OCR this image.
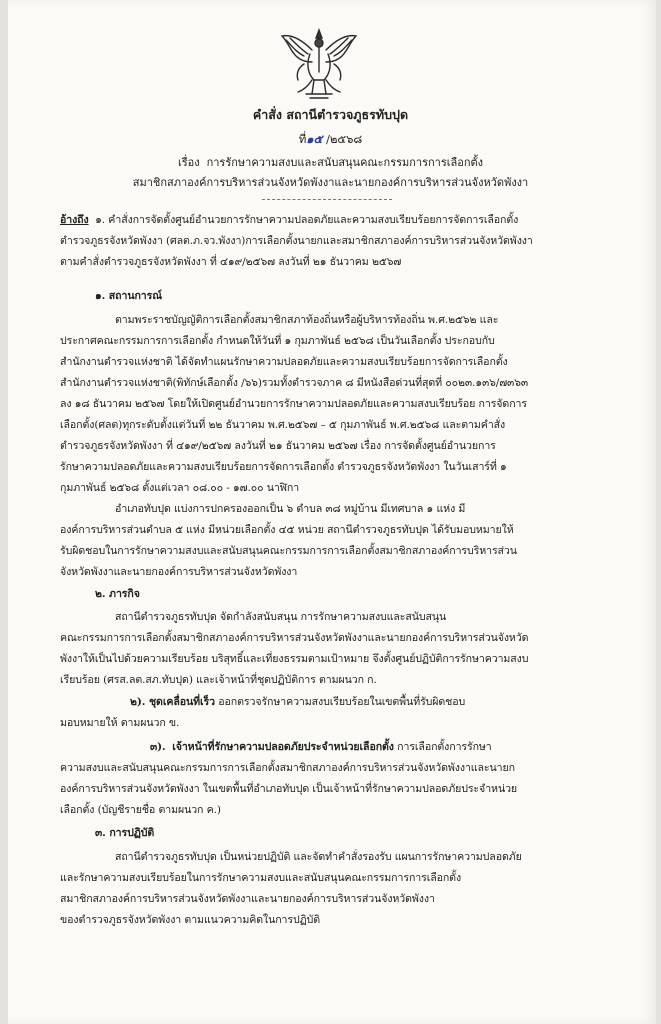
คำสั่ง สถานีตำรวจภูธรทับปุด
ที่๑๕ /๒๕๖๘
เรื่อง การรักษาความสงบและสนับสนุนคณะกรรมการการเลือกตั้ง
สมาชิกสภาองค์การบริหารส่วนจังหวัดพังงาและนายกองค์การบริหารส่วนจังหวัดพังงา
อ้างถึง ๑. คำสั่งการจัดตั้งศูนย์อำนวยการรักษาความปลอดภัยและความสงบเรียบร้อยการจัดการเลือกตั้ง
ตำรวจภูธรจังหวัดพังงา (ศลต.ภ.จว.พังงา)การเลือกตั้งนายกและสมาชิกสภาองค์การบริหารส่วนจังหวัดพังงา
ตามคำสั่งตำรวจภูธรจังหวัดพังงา ที่ ๔๑๙/๒๕๖๗ ลงวันที่ ๒๑ ธันวาคม ๒๕๖๗
๑. สถานการณ์
ตามพระราชบัญญัติการเลือกตั้งสมาชิกสภาท้องถิ่นหรือผู้บริหารท้องถิ่น พ.ศ.๒๕๖๒ และ
ประกาศคณะกรรมการการเลือกตั้ง กำหนดให้วันที่ ๑ กุมภาพันธ์ ๒๕๖๘ เป็นวันเลือกตั้ง ประกอบกับ
สำนักงานตำรวจแห่งชาติ ได้จัดทำแผนรักษาความปลอดภัยและความสงบเรียบร้อยการจัดการเลือกตั้ง
สำนักงานตำรวจแห่งชาติ(พิทักษ์เลือกตั้ง /๖๖)รวมทั้งตำรวจภาค ๘ มีหนังสือด่วนที่สุดที่ ๐๐๒๓.๑๓๖/๗๓๖๓
ลง ๑๘ ธันวาคม ๒๕๖๗ โดยให้เปิดศูนย์อำนวยการรักษาความปลอดภัยและความสงบเรียบร้อย การจัดการ
เลือกตั้ง(ศลต)ทุกระดับตั้งแต่วันที่ ๒๒ ธันวาคม พ.ศ.๒๕๖๗ – ๕ กุมภาพันธ์ พ.ศ.๒๕๖๘ และตามคำสั่ง
ตำรวจภูธรจังหวัดพังงา ที่ ๔๑๙/๒๕๖๗ ลงวันที่ ๒๑ ธันวาคม ๒๕๖๗ เรื่อง การจัดตั้งศูนย์อำนวยการ
รักษาความปลอดภัยและความสงบเรียบร้อยการจัดการเลือกตั้ง ตำรวจภูธรจังหวัดพังงา ในวันเสาร์ที่ ๑
กุมภาพันธ์ ๒๕๖๘ ตั้งแต่เวลา ๐๘.๐๐ - ๑๗.๐๐ นาฬิกา
อำเภอทับปุด แบ่งการปกครองออกเป็น ๖ ตำบล ๓๘ หมู่บ้าน มีเทศบาล ๑ แห่ง มี
องค์การบริหารส่วนตำบล ๕ แห่ง มีหน่วยเลือกตั้ง ๔๕ หน่วย สถานีตำรวจภูธรทับปุด ได้รับมอบหมายให้
รับผิดชอบในการรักษาความสงบและสนับสนุนคณะกรรมการการเลือกตั้งสมาชิกสภาองค์การบริหารส่วน
จังหวัดพังงาและนายกองค์การบริหารส่วนจังหวัดพังงา
๒. ภารกิจ
สถานีตำรวจภูธรทับปุด จัดกำลังสนับสนุน การรักษาความสงบและสนับสนุน
คณะกรรมการการเลือกตั้งสมาชิกสภาองค์การบริหารส่วนจังหวัดพังงาและนายกองค์การบริหารส่วนจังหวัด
พังงาให้เป็นไปด้วยความเรียบร้อย บริสุทธิ์และเที่ยงธรรมตามเป้าหมาย จึงตั้งศูนย์ปฏิบัติการรักษาความสงบ
เรียบร้อย (ศรส.ลต.สภ.ทับปุด) และเจ้าหน้าที่ชุดปฏิบัติการ ตามผนวก ก.
๒). ชุดเคลื่อนที่เร็ว ออกตรวจรักษาความสงบเรียบร้อยในเขตพื้นที่รับผิดชอบ
มอบหมายให้ ตามผนวก ข.
๓). เจ้าหน้าที่รักษาความปลอดภัยประจำหน่วยเลือกตั้ง การเลือกตั้งการรักษา
ความสงบและสนับสนุนคณะกรรมการการเลือกตั้งสมาชิกสภาองค์การบริหารส่วนจังหวัดพังงาและนายก
องค์การบริหารส่วนจังหวัดพังงา ในเขตพื้นที่อำเภอทับปุด เป็นเจ้าหน้าที่รักษาความปลอดภัยประจำหน่วย
เลือกตั้ง (บัญชีรายชื่อ ตามผนวก ค.)
๓. การปฏิบัติ
สถานีตำรวจภูธรทับปุด เป็นหน่วยปฏิบัติ และจัดทำคำสั่งรองรับ แผนการรักษาความปลอดภัย
และรักษาความสงบเรียบร้อยในการรักษาความสงบและสนับสนุนคณะกรรมการการเลือกตั้ง
สมาชิกสภาองค์การบริหารส่วนจังหวัดพังงาและนายกองค์การบริหารส่วนจังหวัดพังงา
ของตำรวจภูธรจังหวัดพังงา ตามแนวความคิดในการปฏิบัติ
